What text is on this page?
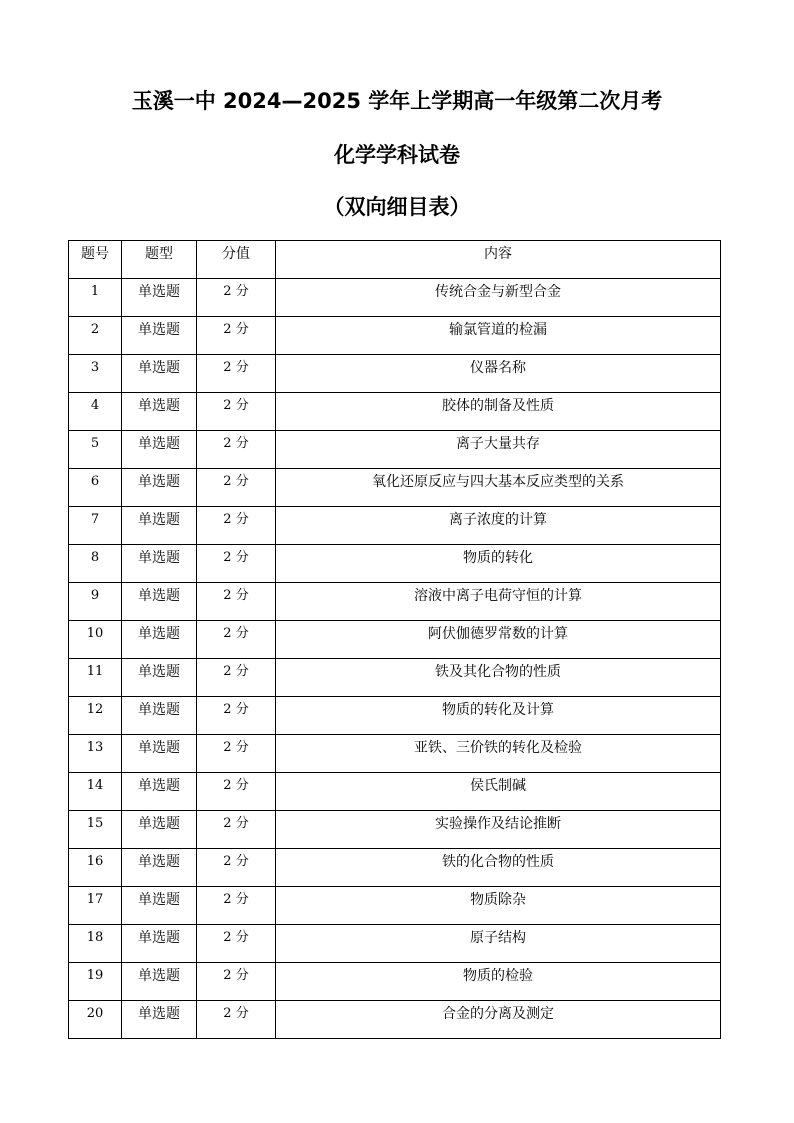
玉溪一中 2024—2025 学年上学期高一年级第二次月考
化学学科试卷
（双向细目表）
题号	题型	分值	内容
1	单选题	2 分	传统合金与新型合金
2	单选题	2 分	输氯管道的检漏
3	单选题	2 分	仪器名称
4	单选题	2 分	胶体的制备及性质
5	单选题	2 分	离子大量共存
6	单选题	2 分	氧化还原反应与四大基本反应类型的关系
7	单选题	2 分	离子浓度的计算
8	单选题	2 分	物质的转化
9	单选题	2 分	溶液中离子电荷守恒的计算
10	单选题	2 分	阿伏伽德罗常数的计算
11	单选题	2 分	铁及其化合物的性质
12	单选题	2 分	物质的转化及计算
13	单选题	2 分	亚铁、三价铁的转化及检验
14	单选题	2 分	侯氏制碱
15	单选题	2 分	实验操作及结论推断
16	单选题	2 分	铁的化合物的性质
17	单选题	2 分	物质除杂
18	单选题	2 分	原子结构
19	单选题	2 分	物质的检验
20	单选题	2 分	合金的分离及测定
